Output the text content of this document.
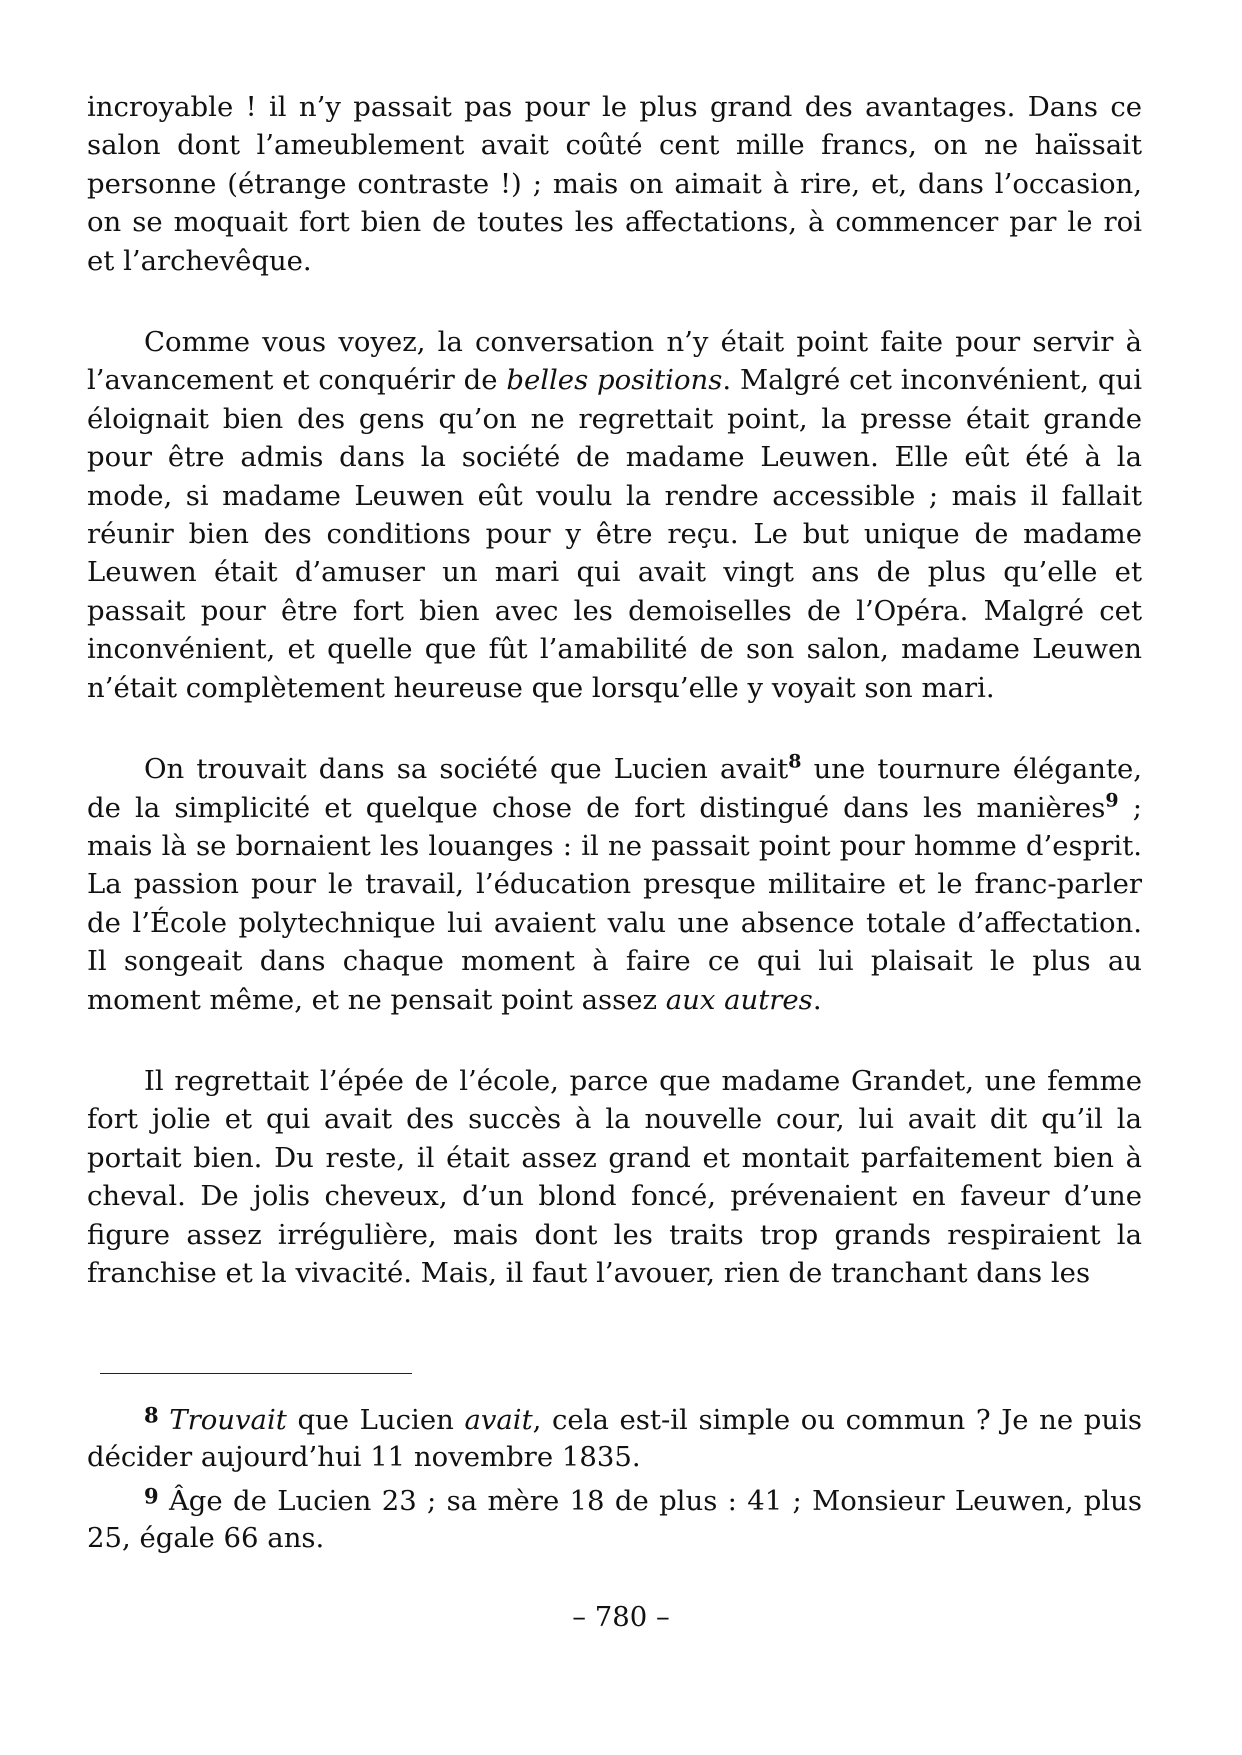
incroyable ! il n’y passait pas pour le plus grand des avantages. Dans ce salon dont l’ameublement avait coûté cent mille francs, on ne haïssait personne (étrange contraste !) ; mais on aimait à rire, et, dans l’occasion, on se moquait fort bien de toutes les affectations, à commencer par le roi et l’archevêque.

Comme vous voyez, la conversation n’y était point faite pour servir à l’avancement et conquérir de belles positions. Malgré cet inconvénient, qui éloignait bien des gens qu’on ne regrettait point, la presse était grande pour être admis dans la société de madame Leuwen. Elle eût été à la mode, si madame Leuwen eût voulu la rendre accessible ; mais il fallait réunir bien des conditions pour y être reçu. Le but unique de madame Leuwen était d’amuser un mari qui avait vingt ans de plus qu’elle et passait pour être fort bien avec les demoiselles de l’Opéra. Malgré cet inconvénient, et quelle que fût l’amabilité de son salon, madame Leuwen n’était complètement heureuse que lorsqu’elle y voyait son mari.

On trouvait dans sa société que Lucien avait$^8$ une tournure élégante, de la simplicité et quelque chose de fort distingué dans les manières$^9$ ; mais là se bornaient les louanges : il ne passait point pour homme d’esprit. La passion pour le travail, l’éducation presque militaire et le franc-parler de l’École polytechnique lui avaient valu une absence totale d’affectation. Il songeait dans chaque moment à faire ce qui lui plaisait le plus au moment même, et ne pensait point assez aux autres.

Il regrettait l’épée de l’école, parce que madame Grandet, une femme fort jolie et qui avait des succès à la nouvelle cour, lui avait dit qu’il la portait bien. Du reste, il était assez grand et montait parfaitement bien à cheval. De jolis cheveux, d’un blond foncé, prévenaient en faveur d’une figure assez irrégulière, mais dont les traits trop grands respiraient la franchise et la vivacité. Mais, il faut l’avouer, rien de tranchant dans les

$^8$ Trouvait que Lucien avait, cela est-il simple ou commun ? Je ne puis décider aujourd’hui 11 novembre 1835.

$^9$ Âge de Lucien 23 ; sa mère 18 de plus : 41 ; Monsieur Leuwen, plus 25, égale 66 ans.

– 780 –
